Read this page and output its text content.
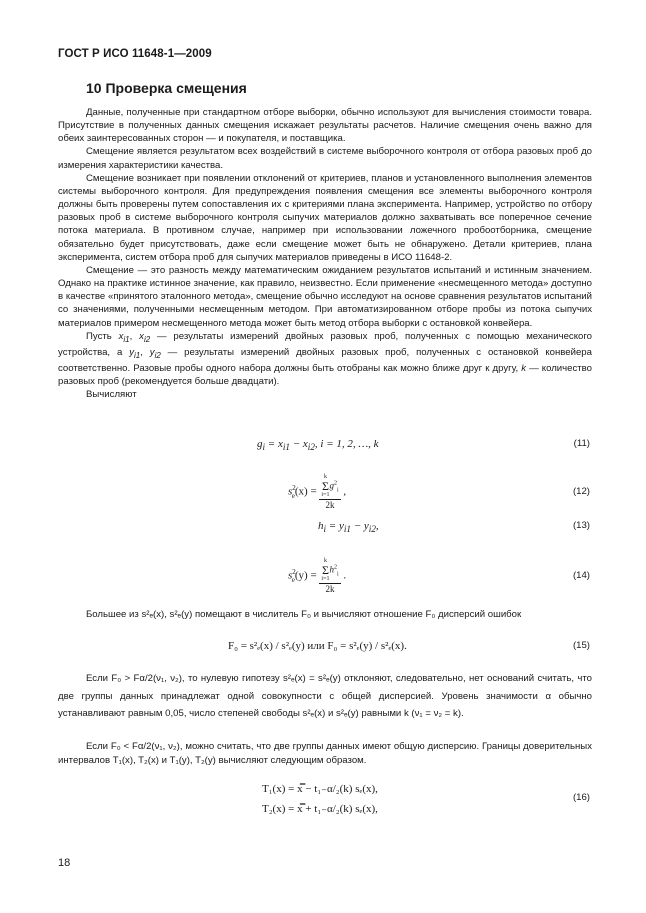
ГОСТ Р ИСО 11648-1—2009
10 Проверка смещения

Данные, полученные при стандартном отборе выборки, обычно используют для вычисления стоимости товара. Присутствие в полученных данных смещения искажает результаты расчетов. Наличие смещения очень важно для обеих заинтересованных сторон — и покупателя, и поставщика.

Смещение является результатом всех воздействий в системе выборочного контроля от отбора разовых проб до измерения характеристики качества.

Смещение возникает при появлении отклонений от критериев, планов и установленного выполнения элементов системы выборочного контроля. Для предупреждения появления смещения все элементы выборочного контроля должны быть проверены путем сопоставления их с критериями плана эксперимента. Например, устройство по отбору разовых проб в системе выборочного контроля сыпучих материалов должно захватывать все поперечное сечение потока материала. В противном случае, например при использовании ложечного пробоотборника, смещение обязательно будет присутствовать, даже если смещение может быть не обнаружено. Детали критериев, плана эксперимента, систем отбора проб для сыпучих материалов приведены в ИСО 11648-2.

Смещение — это разность между математическим ожиданием результатов испытаний и истинным значением. Однако на практике истинное значение, как правило, неизвестно. Если применение «несмещенного метода» доступно в качестве «принятого эталонного метода», смещение обычно исследуют на основе сравнения результатов испытаний со значениями, полученными несмещенным методом. При автоматизированном отборе пробы из потока сыпучих материалов примером несмещенного метода может быть метод отбора выборки с остановкой конвейера.

Пусть $x_{i1}$, $x_{i2}$ — результаты измерений двойных разовых проб, полученных с помощью механического устройства, а $y_{i1}$, $y_{i2}$ — результаты измерений двойных разовых проб, полученных с остановкой конвейера соответственно. Разовые пробы одного набора должны быть отобраны как можно ближе друг к другу, k — количество разовых проб (рекомендуется больше двадцати).

Вычисляют

$g_i = x_{i1} - x_{i2}$, i = 1, 2, …, k	(11)
$s^2_e(x) = k$
Σ
i=1
$g^2_i$
2k ,	(12)
$h_i = y_{i1} - y_{i2}$,	(13)
$s^2_e(y) = k$
Σ
i=1
$h^2_i$
2k .	(14)

Большее из s²ₑ(x), s²ₑ(y) помещают в числитель F₀ и вычисляют отношение F₀ дисперсий ошибок

F₀ = s²ₑ(x) / s²ₑ(y) или F₀ = s²ₑ(y) / s²ₑ(x).	(15)

Если F₀ > Fα/2(ν₁, ν₂), то нулевую гипотезу s²ₑ(x) = s²ₑ(y) отклоняют, следовательно, нет оснований считать, что две группы данных принадлежат одной совокупности с общей дисперсией. Уровень значимости α обычно устанавливают равным 0,05, число степеней свободы s²ₑ(x) и s²ₑ(y) равными k (ν₁ = ν₂ = k).

Если F₀ < Fα/2(ν₁, ν₂), можно считать, что две группы данных имеют общую дисперсию. Границы доверительных интервалов T₁(x), T₂(x) и T₁(y), T₂(y) вычисляют следующим образом.

T₁(x) = x̿ − t₁₋α/₂(k) sₑ(x),
T₂(x) = x̿ + t₁₋α/₂(k) sₑ(x),
(16)
18
